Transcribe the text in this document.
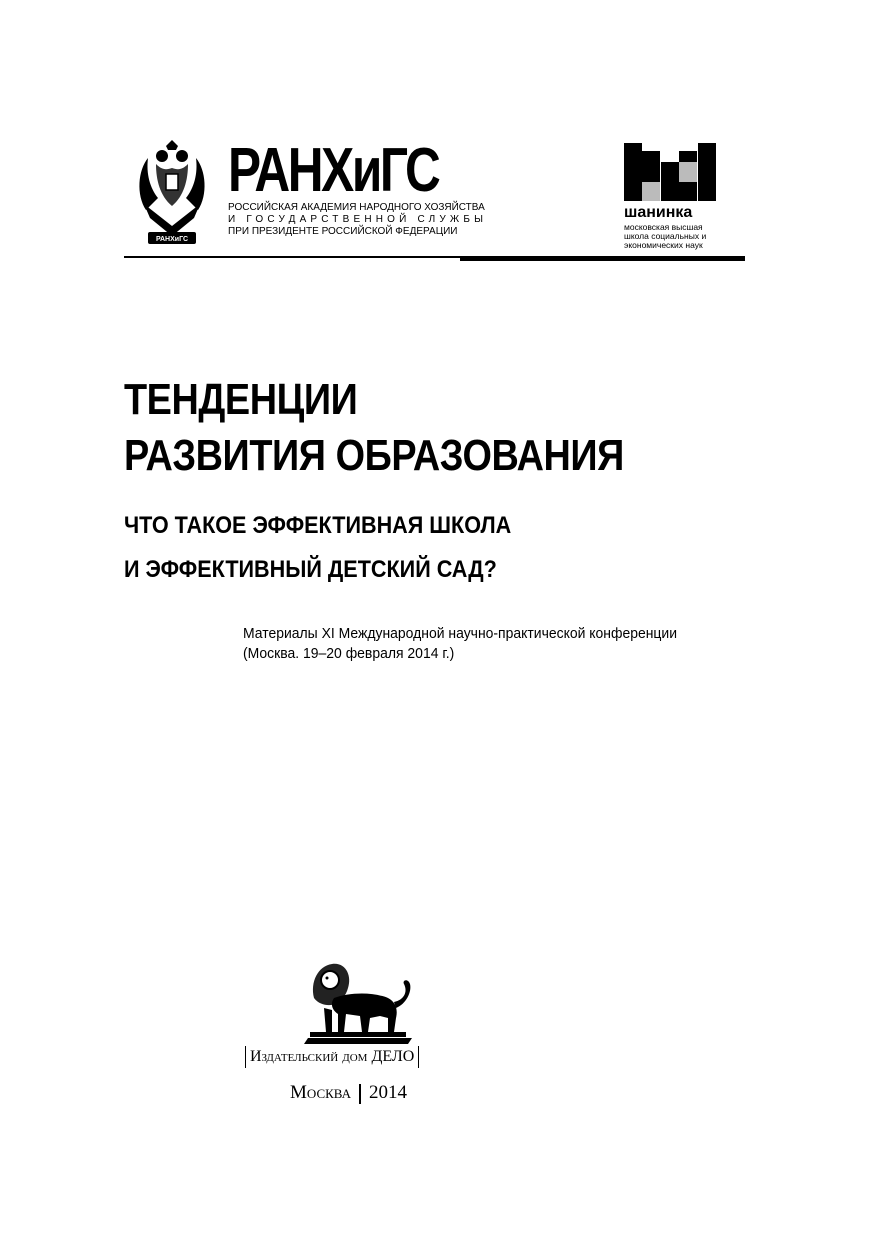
РАНХиГС
РАНХиГС
РОССИЙСКАЯ АКАДЕМИЯ НАРОДНОГО ХОЗЯЙСТВА
И ГОСУДАРСТВЕННОЙ СЛУЖБЫ
ПРИ ПРЕЗИДЕНТЕ РОССИЙСКОЙ ФЕДЕРАЦИИ
шанинка
московская высшая
школа социальных и
экономических наук
ТЕНДЕНЦИИ
РАЗВИТИЯ ОБРАЗОВАНИЯ
ЧТО ТАКОЕ ЭФФЕКТИВНАЯ ШКОЛА
И ЭФФЕКТИВНЫЙ ДЕТСКИЙ САД?
Материалы XI Международной научно-практической конференции
(Москва. 19–20 февраля 2014 г.)
Издательский дом ДЕЛО
Москва 2014
